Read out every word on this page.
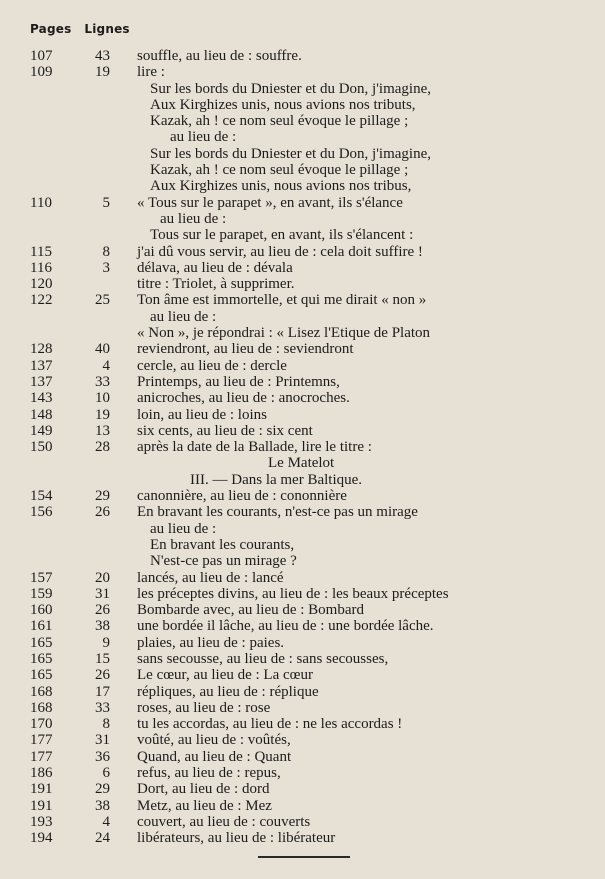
Pages Lignes
107	43 souffle, au lieu de : souffre.
109	19 lire :
Sur les bords du Dniester et du Don, j'imagine,
Aux Kirghizes unis, nous avions nos tributs,
Kazak, ah ! ce nom seul évoque le pillage ;
au lieu de :
Sur les bords du Dniester et du Don, j'imagine,
Kazak, ah ! ce nom seul évoque le pillage ;
Aux Kirghizes unis, nous avions nos tribus,
110	5 « Tous sur le parapet », en avant, ils s'élance
au lieu de :
Tous sur le parapet, en avant, ils s'élancent :
115	8 j'ai dû vous servir, au lieu de : cela doit suffire !
116	3 délava, au lieu de : dévala
120	titre : Triolet, à supprimer.
122	25 Ton âme est immortelle, et qui me dirait « non »
au lieu de :
« Non », je répondrai : « Lisez l'Etique de Platon
128	40 reviendront, au lieu de : seviendront
137	4 cercle, au lieu de : dercle
137	33 Printemps, au lieu de : Printemns,
143	10 anicroches, au lieu de : anocroches.
148	19 loin, au lieu de : loins
149	13 six cents, au lieu de : six cent
150	28 après la date de la Ballade, lire le titre :
Le Matelot
III. — Dans la mer Baltique.
154	29 canonnière, au lieu de : cononnière
156	26 En bravant les courants, n'est-ce pas un mirage
au lieu de :
En bravant les courants,
N'est-ce pas un mirage ?
157	20 lancés, au lieu de : lancé
159	31 les préceptes divins, au lieu de : les beaux préceptes
160	26 Bombarde avec, au lieu de : Bombard
161	38 une bordée il lâche, au lieu de : une bordée lâche.
165	9 plaies, au lieu de : paies.
165	15 sans secousse, au lieu de : sans secousses,
165	26 Le cœur, au lieu de : La cœur
168	17 répliques, au lieu de : réplique
168	33 roses, au lieu de : rose
170	8 tu les accordas, au lieu de : ne les accordas !
177	31 voûté, au lieu de : voûtés,
177	36 Quand, au lieu de : Quant
186	6 refus, au lieu de : repus,
191	29 Dort, au lieu de : dord
191	38 Metz, au lieu de : Mez
193	4 couvert, au lieu de : couverts
194	24 libérateurs, au lieu de : libérateur
